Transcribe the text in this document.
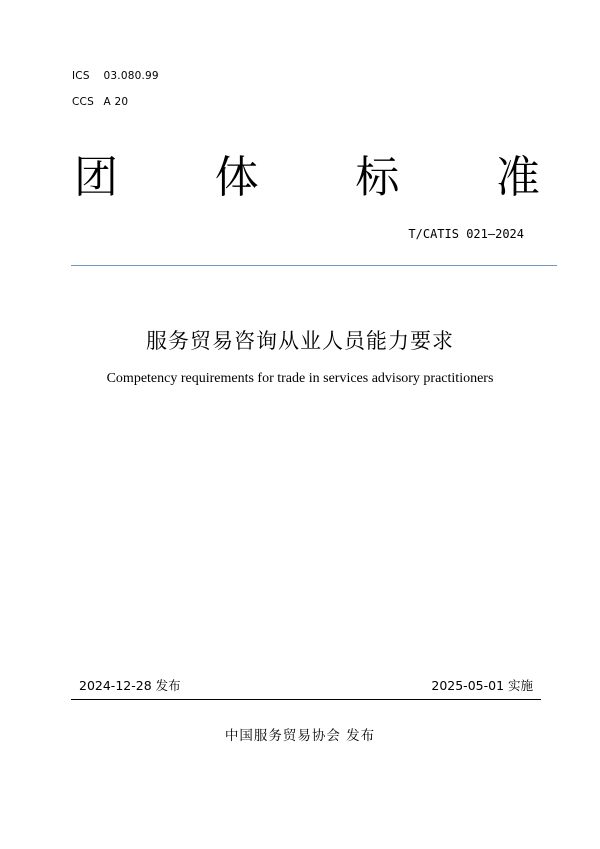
ICS 03.080.99
CCS A 20
团 体 标 准
T/CATIS 021—2024
服务贸易咨询从业人员能力要求
Competency requirements for trade in services advisory practitioners
2024-12-28 发布	2025-05-01 实施
中国服务贸易协会 发布
